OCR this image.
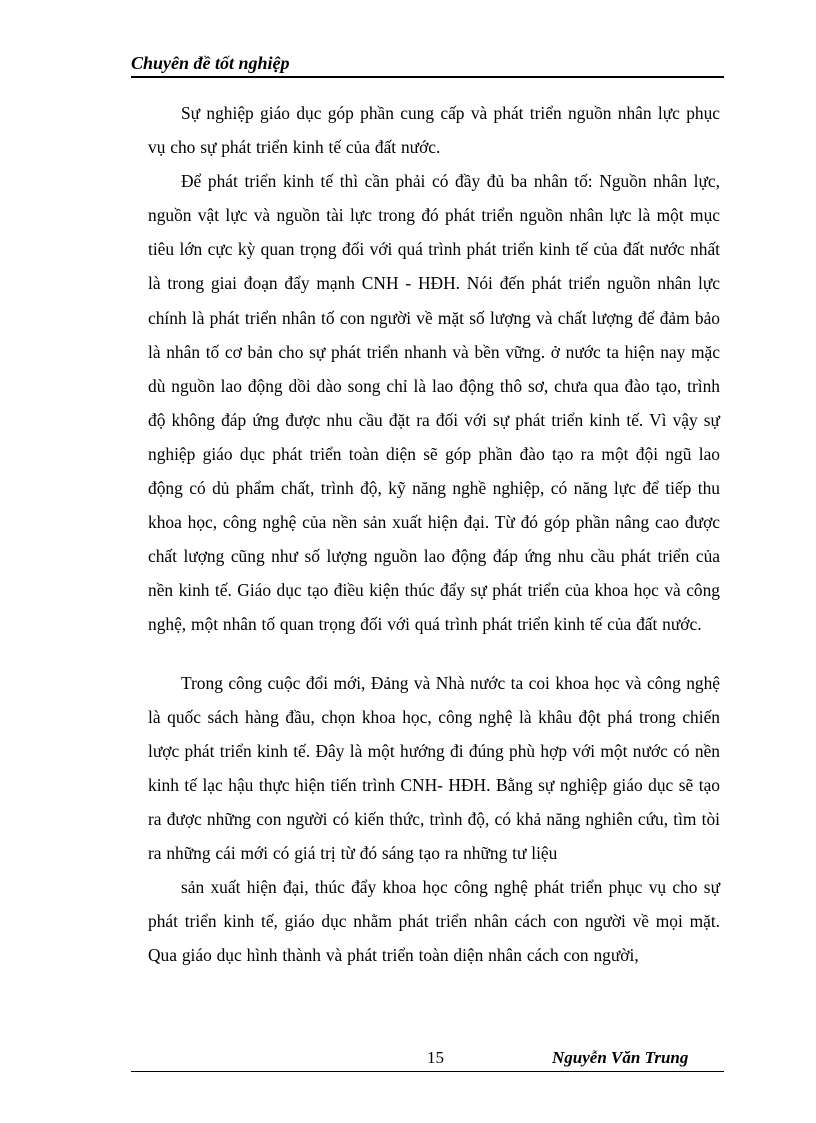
Chuyên đề tốt nghiệp

Sự nghiệp giáo dục góp phần cung cấp và phát triển nguồn nhân lực phục vụ cho sự phát triển kinh tế của đất nước.

Để phát triển kinh tế thì cần phải có đầy đủ ba nhân tố: Nguồn nhân lực, nguồn vật lực và nguồn tài lực trong đó phát triển nguồn nhân lực là một mục tiêu lớn cực kỳ quan trọng đối với quá trình phát triển kinh tế của đất nước nhất là trong giai đoạn đẩy mạnh CNH - HĐH. Nói đến phát triển nguồn nhân lực chính là phát triển nhân tố con người về mặt số lượng và chất lượng để đảm bảo là nhân tố cơ bản cho sự phát triển nhanh và bền vững. ở nước ta hiện nay mặc dù nguồn lao động dồi dào song chỉ là lao động thô sơ, chưa qua đào tạo, trình độ không đáp ứng được nhu cầu đặt ra đối với sự phát triển kinh tế. Vì vậy sự nghiệp giáo dục phát triển toàn diện sẽ góp phần đào tạo ra một đội ngũ lao động có dủ phẩm chất, trình độ, kỹ năng nghề nghiệp, có năng lực để tiếp thu khoa học, công nghệ của nền sản xuất hiện đại. Từ đó góp phần nâng cao được chất lượng cũng như số lượng nguồn lao động đáp ứng nhu cầu phát triển của nền kinh tế. Giáo dục tạo điều kiện thúc đẩy sự phát triển của khoa học và công nghệ, một nhân tố quan trọng đối với quá trình phát triển kinh tế của đất nước.

Trong công cuộc đổi mới, Đảng và Nhà nước ta coi khoa học và công nghệ là quốc sách hàng đầu, chọn khoa học, công nghệ là khâu đột phá trong chiến lược phát triển kinh tế. Đây là một hướng đi đúng phù hợp với một nước có nền kinh tế lạc hậu thực hiện tiến trình CNH- HĐH. Bằng sự nghiệp giáo dục sẽ tạo ra được những con người có kiến thức, trình độ, có khả năng nghiên cứu, tìm tòi ra những cái mới có giá trị từ đó sáng tạo ra những tư liệu

sản xuất hiện đại, thúc đẩy khoa học công nghệ phát triển phục vụ cho sự phát triển kinh tế, giáo dục nhằm phát triển nhân cách con người về mọi mặt. Qua giáo dục hình thành và phát triển toàn diện nhân cách con người,

15	Nguyễn Văn Trung
